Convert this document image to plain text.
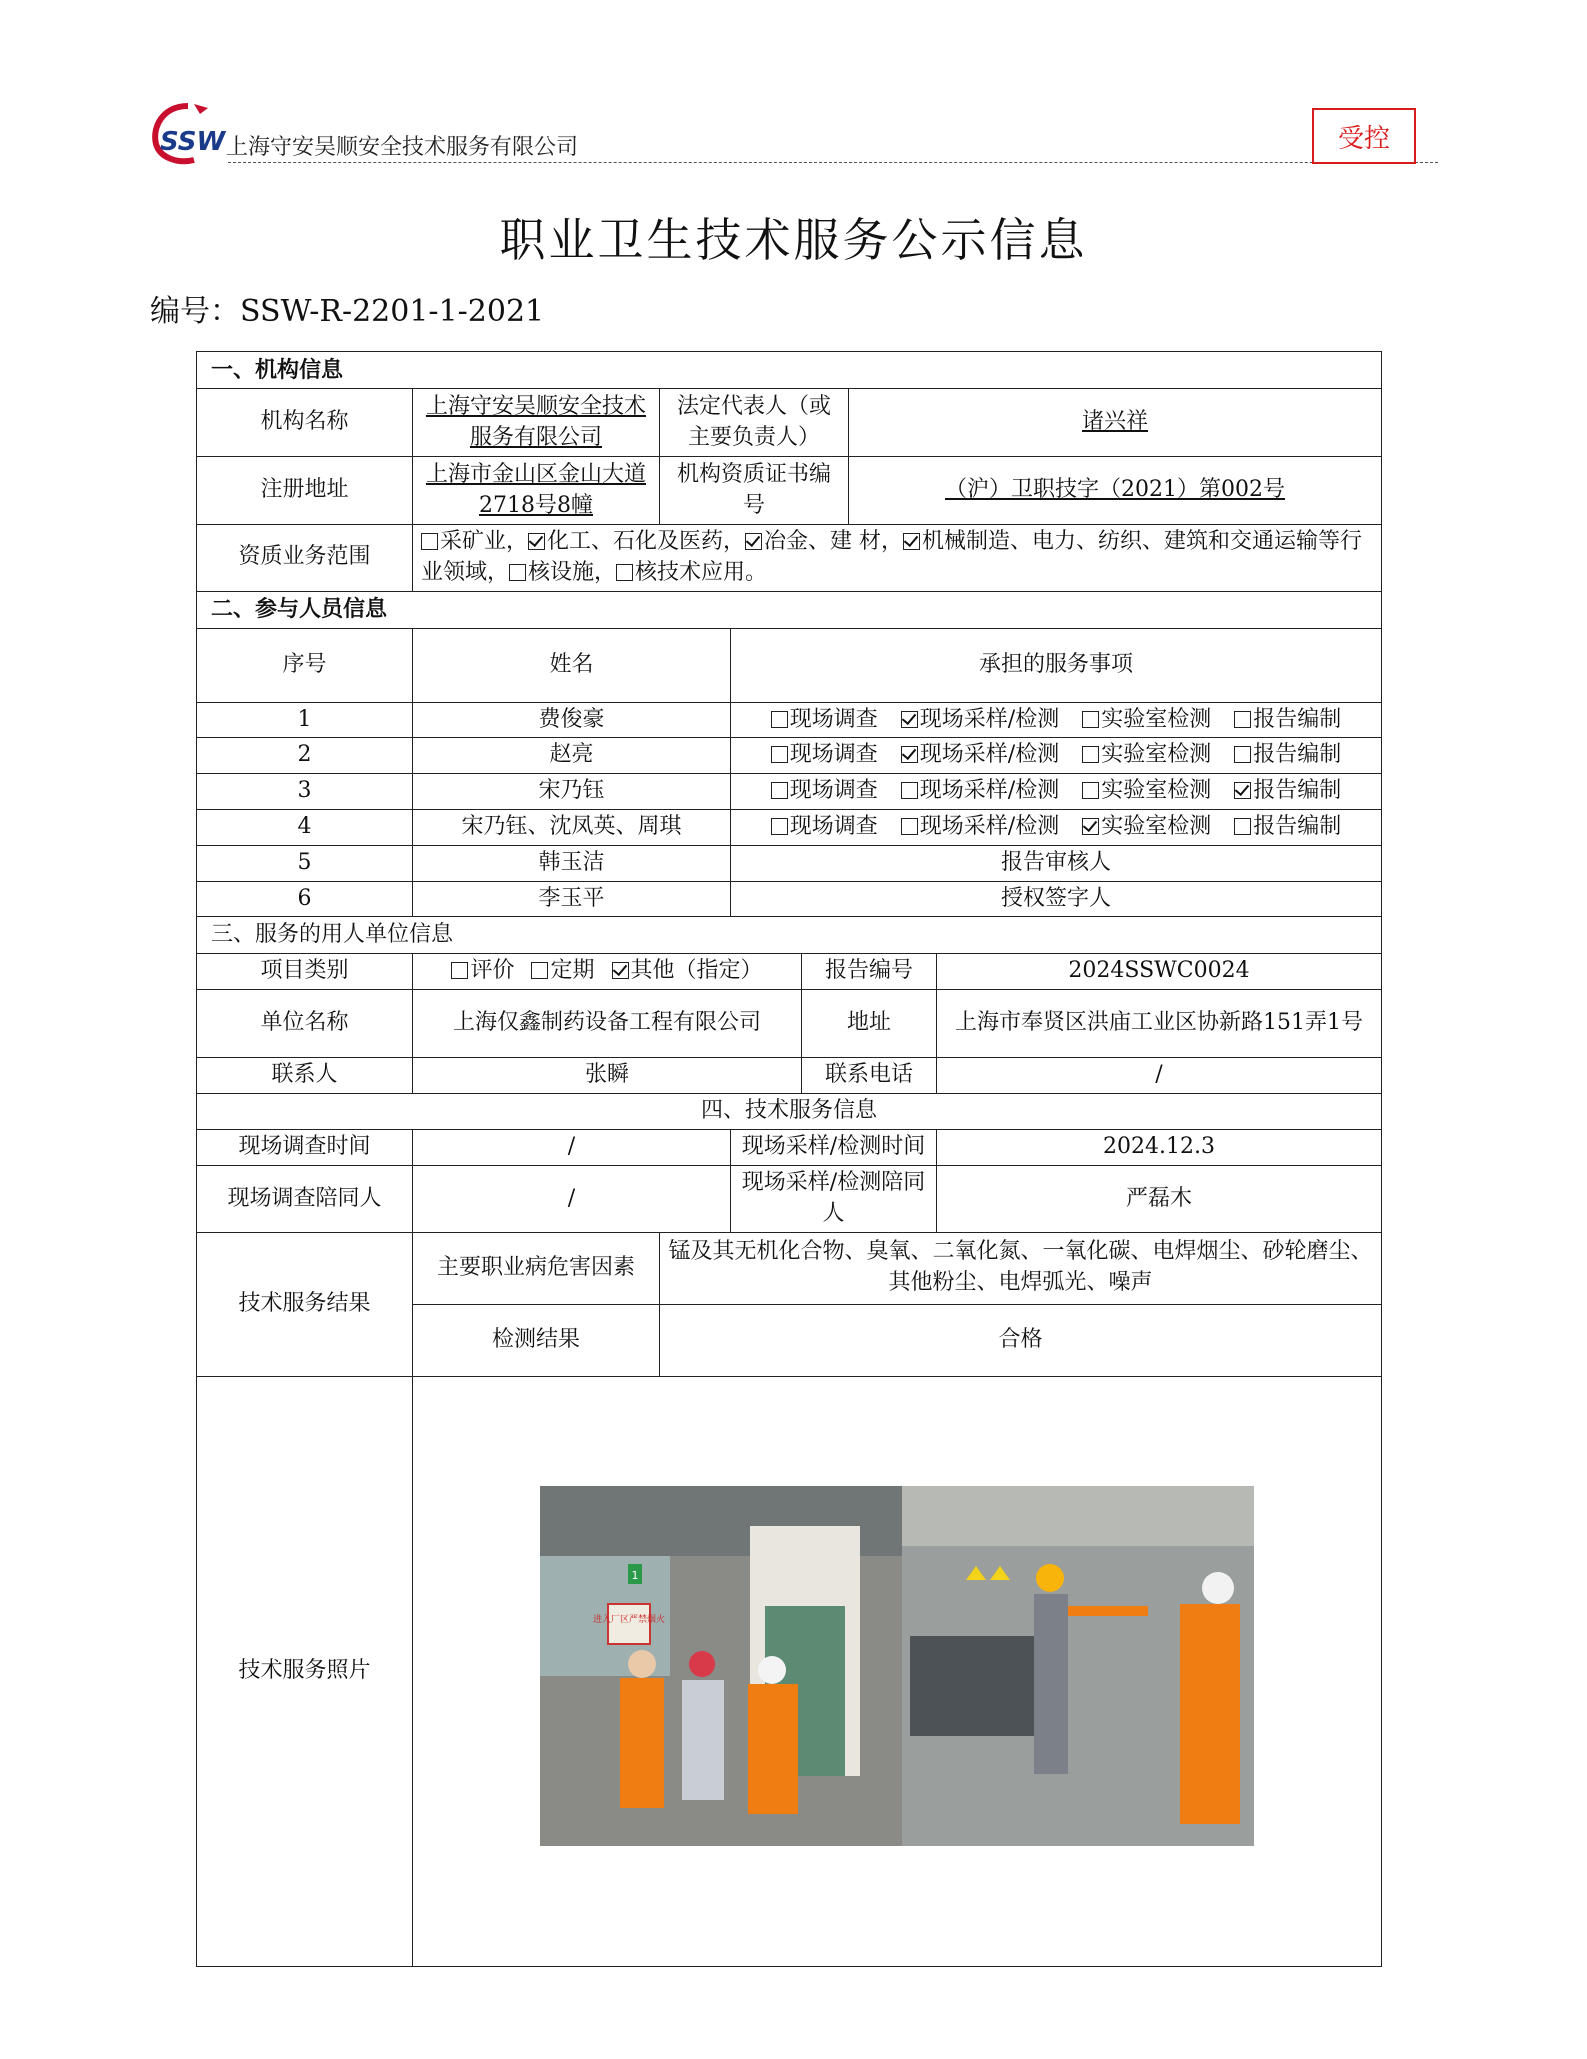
SSW 上海守安吴顺安全技术服务有限公司	受控
职业卫生技术服务公示信息
编号：SSW-R-2201-1-2021
一、机构信息						
机构名称	上海守安吴顺安全技术服务有限公司	法定代表人（或主要负责人）			诸兴祥	
注册地址	上海市金山区金山大道2718号8幢	机构资质证书编号			（沪）卫职技字（2021）第002号	
资质业务范围	采矿业， 化工、石化及医药， 冶金、建 材， 机械制造、电力、纺织、建筑和交通运输等行业领域， 核设施， 核技术应用。					
二、参与人员信息						
序号	姓名		承担的服务事项			
1	费俊豪		现场调查 现场采样/检测 实验室检测 报告编制			
2	赵亮		现场调查 现场采样/检测 实验室检测 报告编制			
3	宋乃钰		现场调查 现场采样/检测 实验室检测 报告编制			
4	宋乃钰、沈凤英、周琪		现场调查 现场采样/检测 实验室检测 报告编制			
5	韩玉洁		报告审核人			
6	李玉平		授权签字人			
三、服务的用人单位信息						
项目类别	评价 定期 其他（指定）			报告编号		2024SSWC0024
单位名称	上海仅鑫制药设备工程有限公司			地址		上海市奉贤区洪庙工业区协新路151弄1号
联系人	张瞬			联系电话		/
四、技术服务信息						
现场调查时间	/		现场采样/检测时间			2024.12.3
现场调查陪同人	/		现场采样/检测陪同人			严磊木
技术服务结果	主要职业病危害因素	锰及其无机化合物、臭氧、二氧化氮、一氧化碳、电焊烟尘、砂轮磨尘、其他粉尘、电焊弧光、噪声				
	检测结果	合格				
技术服务照片	进入厂区严禁烟火
1					
